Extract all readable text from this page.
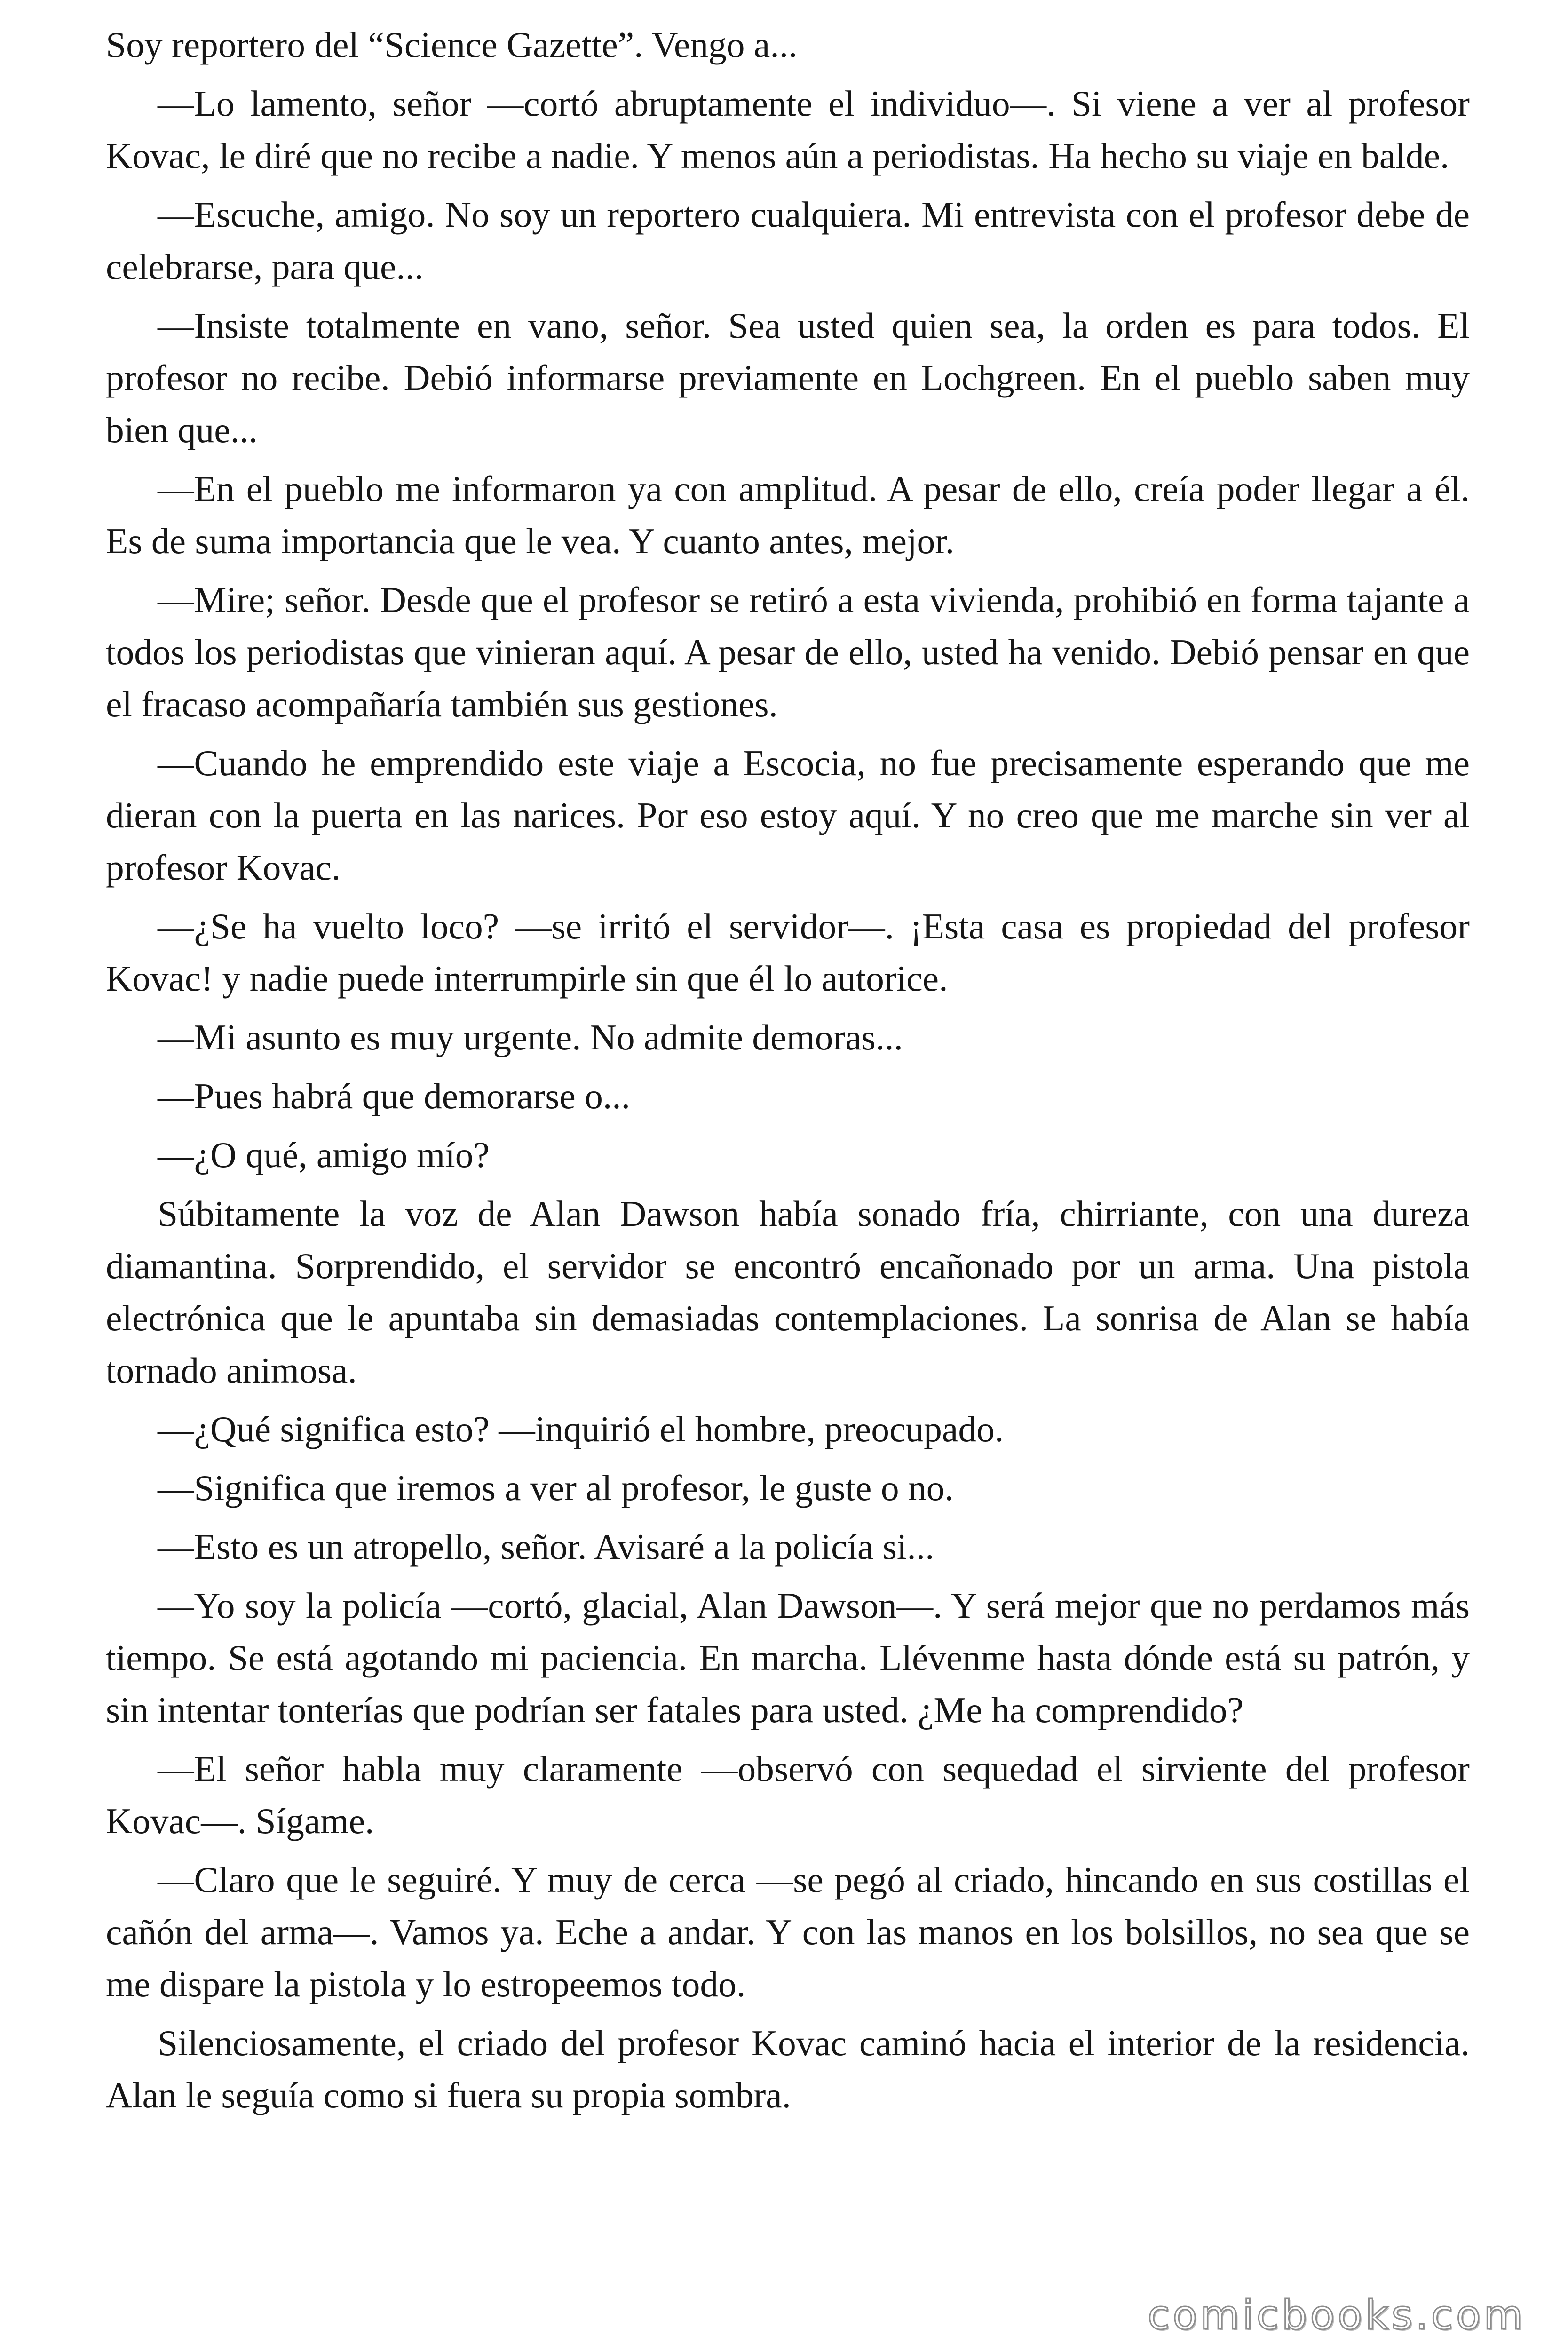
Soy reportero del “Science Gazette”. Vengo a...

—Lo lamento, señor —cortó abruptamente el individuo—. Si viene a ver al profesor Kovac, le diré que no recibe a nadie. Y menos aún a periodistas. Ha hecho su viaje en balde.

—Escuche, amigo. No soy un reportero cualquiera. Mi entrevista con el profesor debe de celebrarse, para que...

—Insiste totalmente en vano, señor. Sea usted quien sea, la orden es para todos. El profesor no recibe. Debió informarse previamente en Lochgreen. En el pueblo saben muy bien que...

—En el pueblo me informaron ya con amplitud. A pesar de ello, creía poder llegar a él. Es de suma importancia que le vea. Y cuanto antes, mejor.

—Mire; señor. Desde que el profesor se retiró a esta vivienda, prohibió en forma tajante a todos los periodistas que vinieran aquí. A pesar de ello, usted ha venido. Debió pensar en que el fracaso acompañaría también sus gestiones.

—Cuando he emprendido este viaje a Escocia, no fue precisamente esperando que me dieran con la puerta en las narices. Por eso estoy aquí. Y no creo que me marche sin ver al profesor Kovac.

—¿Se ha vuelto loco? —se irritó el servidor—. ¡Esta casa es propiedad del profesor Kovac! y nadie puede interrumpirle sin que él lo autorice.

—Mi asunto es muy urgente. No admite demoras...

—Pues habrá que demorarse o...

—¿O qué, amigo mío?

Súbitamente la voz de Alan Dawson había sonado fría, chirriante, con una dureza diamantina. Sorprendido, el servidor se encontró encañonado por un arma. Una pistola electrónica que le apuntaba sin demasiadas contemplaciones. La sonrisa de Alan se había tornado animosa.

—¿Qué significa esto? —inquirió el hombre, preocupado.

—Significa que iremos a ver al profesor, le guste o no.

—Esto es un atropello, señor. Avisaré a la policía si...

—Yo soy la policía —cortó, glacial, Alan Dawson—. Y será mejor que no perdamos más tiempo. Se está agotando mi paciencia. En marcha. Llévenme hasta dónde está su patrón, y sin intentar tonterías que podrían ser fatales para usted. ¿Me ha comprendido?

—El señor habla muy claramente —observó con sequedad el sirviente del profesor Kovac—. Sígame.

—Claro que le seguiré. Y muy de cerca —se pegó al criado, hincando en sus costillas el cañón del arma—. Vamos ya. Eche a andar. Y con las manos en los bolsillos, no sea que se me dispare la pistola y lo estropeemos todo.

Silenciosamente, el criado del profesor Kovac caminó hacia el interior de la residencia. Alan le seguía como si fuera su propia sombra.

comicbooks.com
